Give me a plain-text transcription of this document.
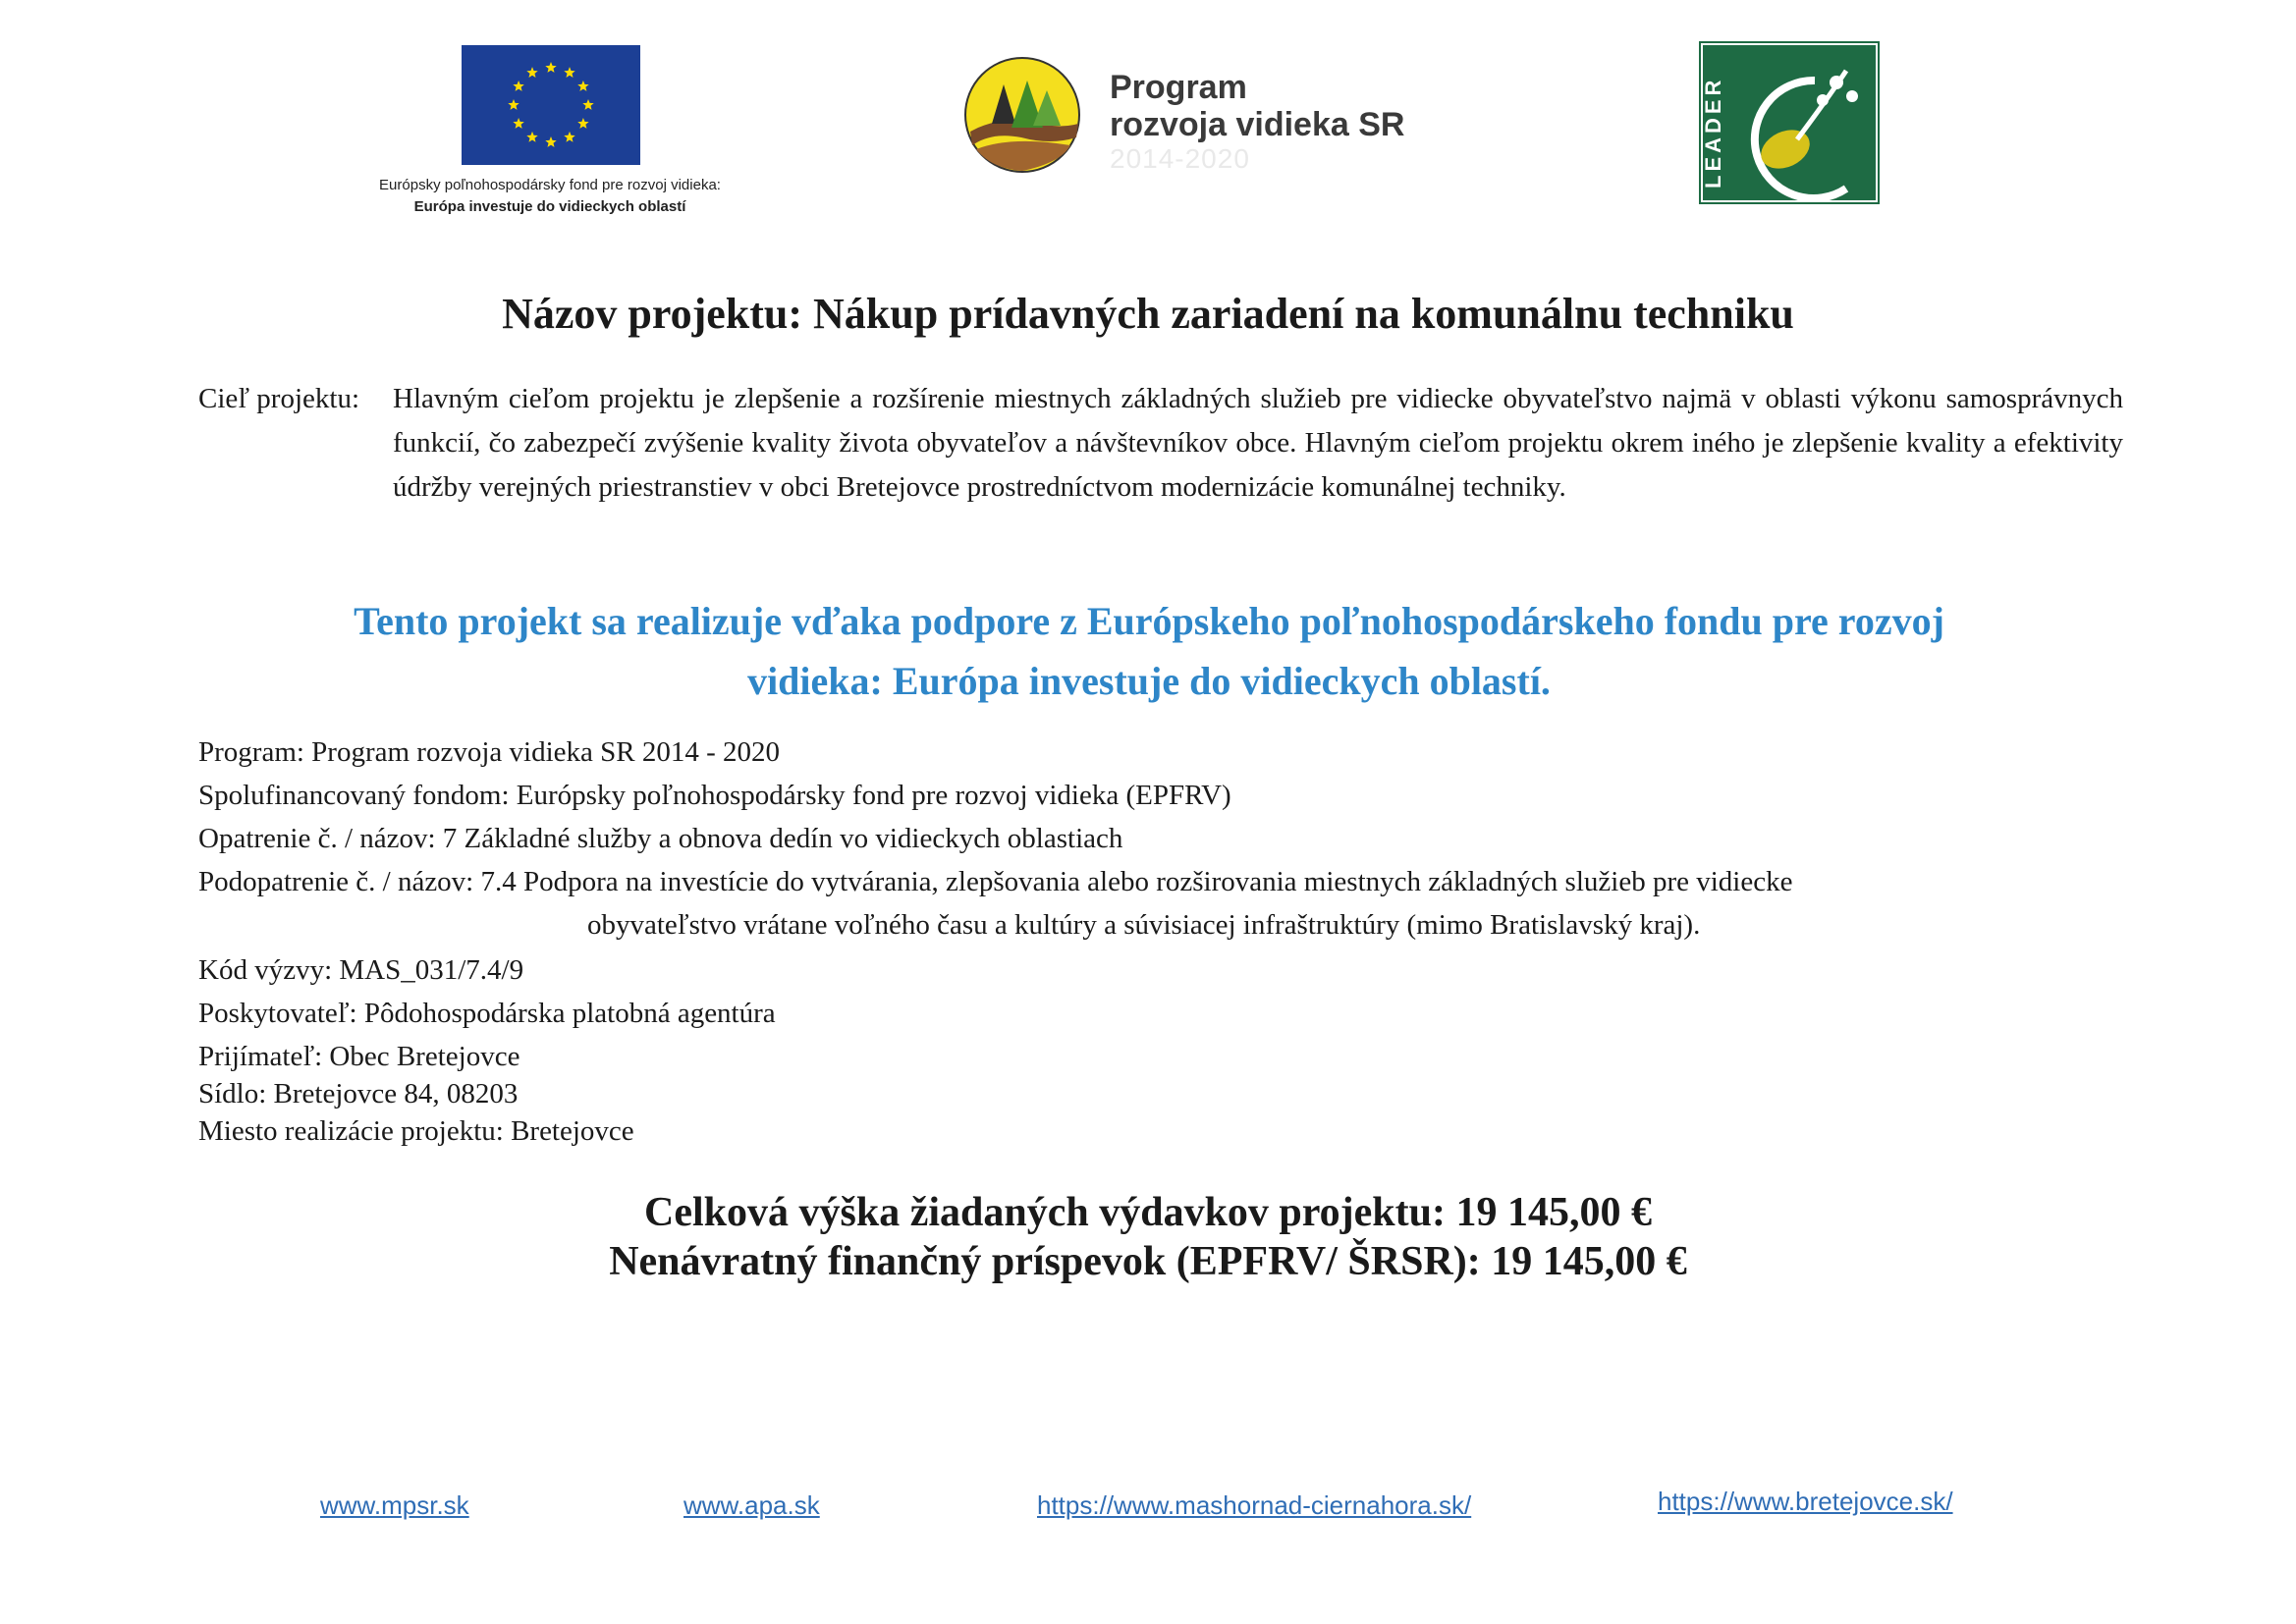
Európsky poľnohospodársky fond pre rozvoj vidieka:
Európa investuje do vidieckych oblastí
Program
rozvoja vidieka SR
2014-2020	LEADER
Názov projektu: Nákup prídavných zariadení na komunálnu techniku
Cieľ projektu: Hlavným cieľom projektu je zlepšenie a rozšírenie miestnych základných služieb pre vidiecke obyvateľstvo najmä v oblasti výkonu samosprávnych funkcií, čo zabezpečí zvýšenie kvality života obyvateľov a návštevníkov obce. Hlavným cieľom projektu okrem iného je zlepšenie kvality a efektivity údržby verejných priestranstiev v obci Bretejovce prostredníctvom modernizácie komunálnej techniky.
Tento projekt sa realizuje vďaka podpore z Európskeho poľnohospodárskeho fondu pre rozvoj
vidieka: Európa investuje do vidieckych oblastí.
Program: Program rozvoja vidieka SR 2014 - 2020
Spolufinancovaný fondom: Európsky poľnohospodársky fond pre rozvoj vidieka (EPFRV)
Opatrenie č. / názov: 7 Základné služby a obnova dedín vo vidieckych oblastiach
Podopatrenie č. / názov: 7.4 Podpora na investície do vytvárania, zlepšovania alebo rozširovania miestnych základných služieb pre vidiecke
obyvateľstvo vrátane voľného času a kultúry a súvisiacej infraštruktúry (mimo Bratislavský kraj).
Kód výzvy: MAS_031/7.4/9
Poskytovateľ: Pôdohospodárska platobná agentúra
Prijímateľ: Obec Bretejovce
Sídlo: Bretejovce 84, 08203
Miesto realizácie projektu: Bretejovce
Celková výška žiadaných výdavkov projektu: 19 145,00 €
Nenávratný finančný príspevok (EPFRV/ ŠRSR): 19 145,00 €
www.mpsr.sk	www.apa.sk	https://www.mashornad-ciernahora.sk/	https://www.bretejovce.sk/
